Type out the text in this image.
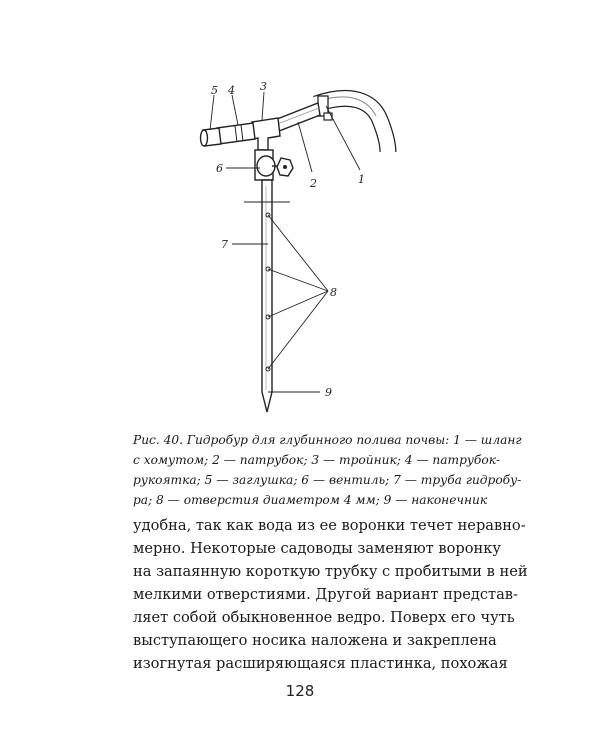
1
2
3
4
5
6
7
8
9

Рис. 40. Гидробур для глубинного полива почвы: 1 — шланг
с хомутом; 2 — патрубок; 3 — тройник; 4 — патрубок-
рукоятка; 5 — заглушка; 6 — вентиль; 7 — труба гидробу-
ра; 8 — отверстия диаметром 4 мм; 9 — наконечник

удобна, так как вода из ее воронки течет неравно-
мерно. Некоторые садоводы заменяют воронку
на запаянную короткую трубку с пробитыми в ней
мелкими отверстиями. Другой вариант представ-
ляет собой обыкновенное ведро. Поверх его чуть
выступающего носика наложена и закреплена
изогнутая расширяющаяся пластинка, похожая

128
